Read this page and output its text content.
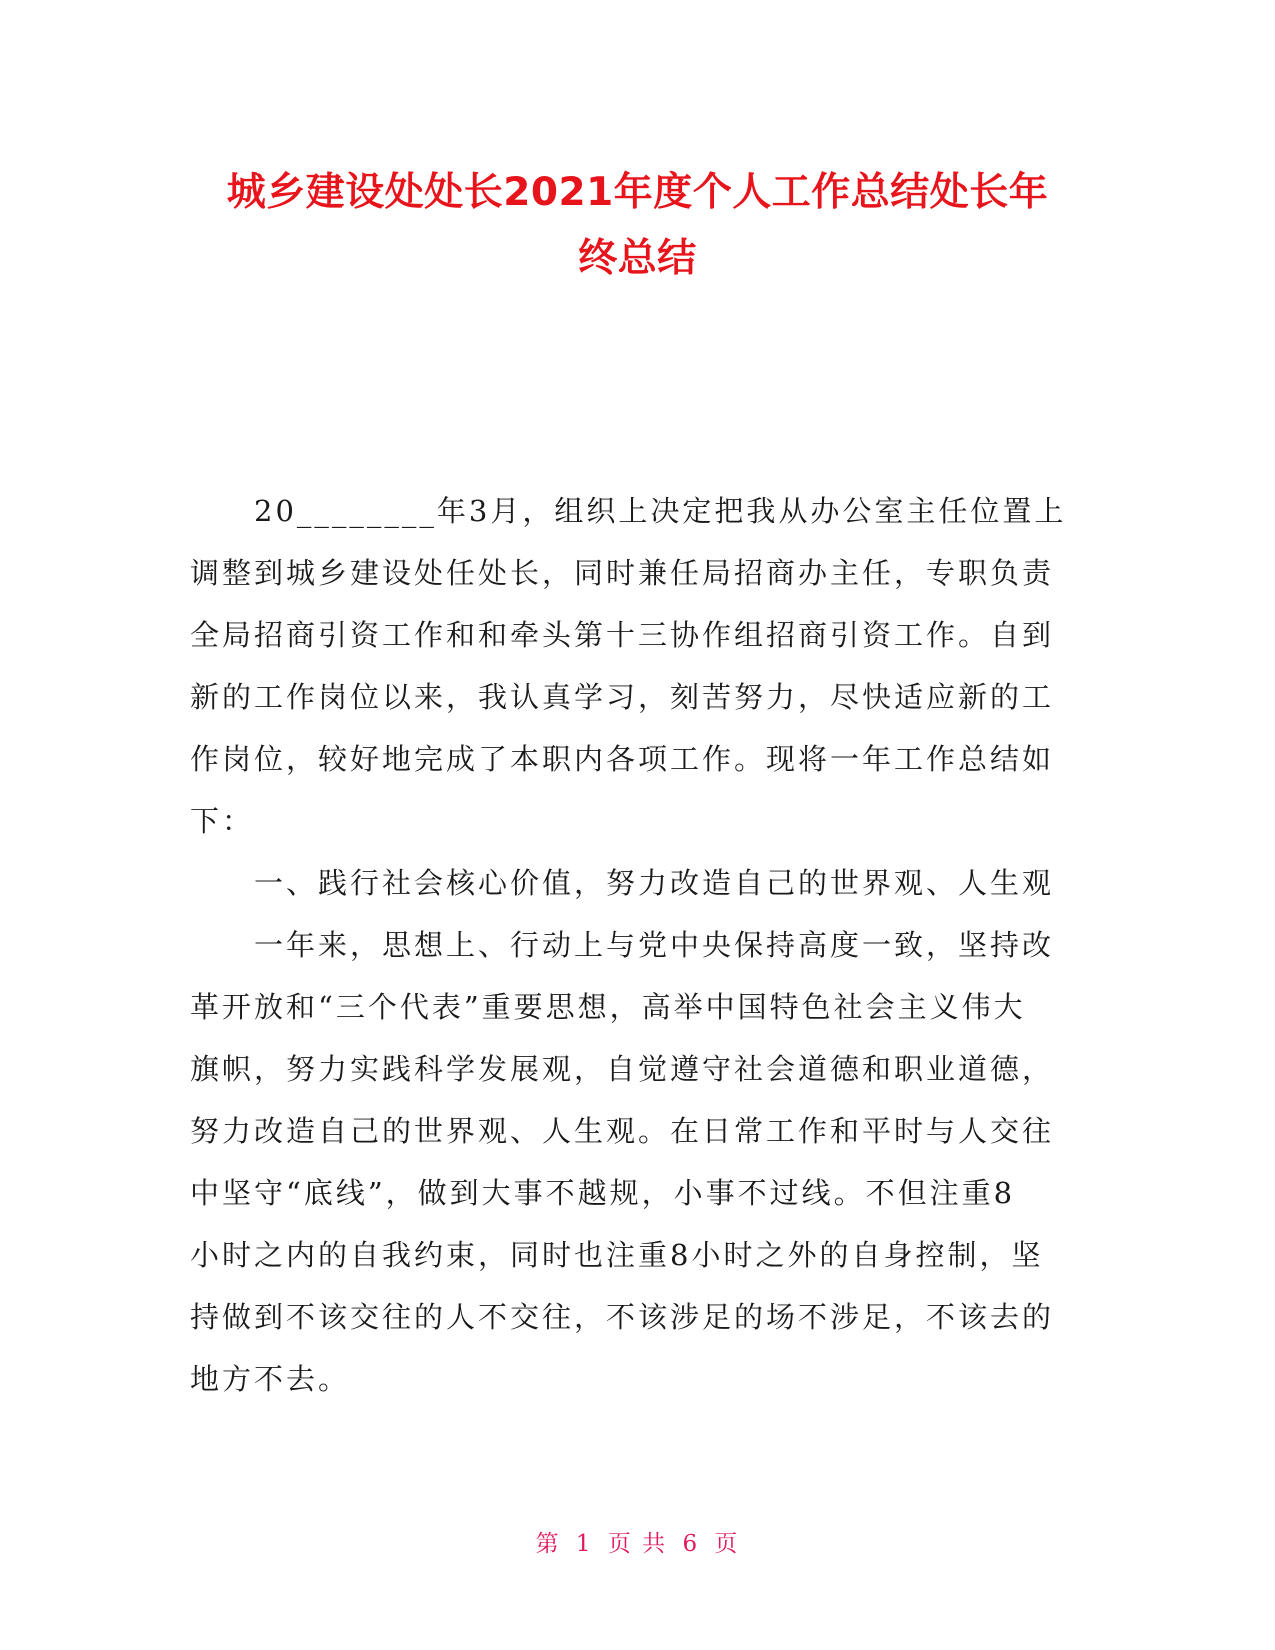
城乡建设处处长2021年度个人工作总结处长年
终总结
　　20________年3月，组织上决定把我从办公室主任位置上
调整到城乡建设处任处长，同时兼任局招商办主任，专职负责
全局招商引资工作和和牵头第十三协作组招商引资工作。自到
新的工作岗位以来，我认真学习，刻苦努力，尽快适应新的工
作岗位，较好地完成了本职内各项工作。现将一年工作总结如
下：
　　一、践行社会核心价值，努力改造自己的世界观、人生观
　　一年来，思想上、行动上与党中央保持高度一致，坚持改
革开放和“三个代表”重要思想，高举中国特色社会主义伟大
旗帜，努力实践科学发展观，自觉遵守社会道德和职业道德，
努力改造自己的世界观、人生观。在日常工作和平时与人交往
中坚守“底线”，做到大事不越规，小事不过线。不但注重8
小时之内的自我约束，同时也注重8小时之外的自身控制，坚
持做到不该交往的人不交往，不该涉足的场不涉足，不该去的
地方不去。
第 1 页 共 6 页
